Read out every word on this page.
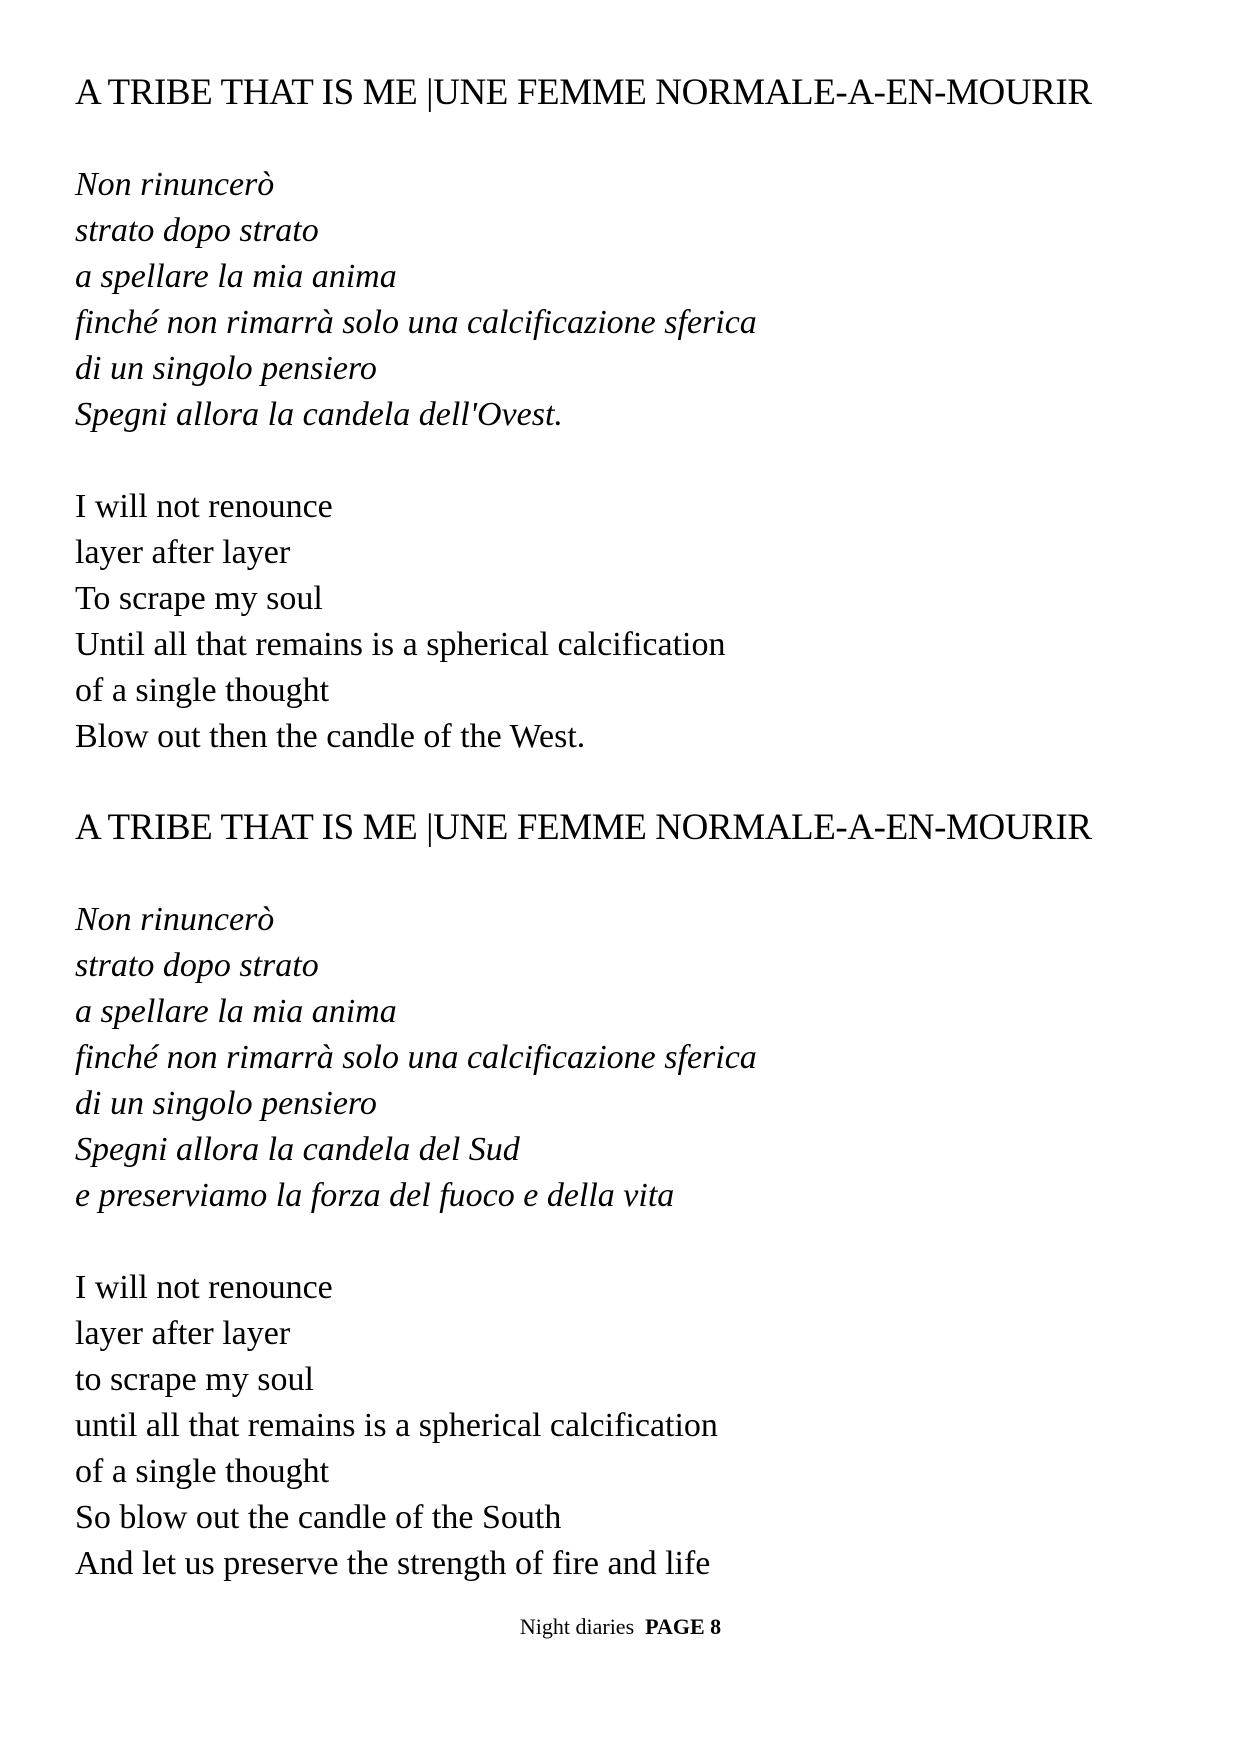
A TRIBE THAT IS ME |UNE FEMME NORMALE-A-EN-MOURIR
Non rinuncerò
strato dopo strato
a spellare la mia anima
finché non rimarrà solo una calcificazione sferica
di un singolo pensiero
Spegni allora la candela dell'Ovest.
I will not renounce
layer after layer
To scrape my soul
Until all that remains is a spherical calcification
of a single thought
Blow out then the candle of the West.
A TRIBE THAT IS ME |UNE FEMME NORMALE-A-EN-MOURIR
Non rinuncerò
strato dopo strato
a spellare la mia anima
finché non rimarrà solo una calcificazione sferica
di un singolo pensiero
Spegni allora la candela del Sud
e preserviamo la forza del fuoco e della vita
I will not renounce
layer after layer
to scrape my soul
until all that remains is a spherical calcification
of a single thought
So blow out the candle of the South
And let us preserve the strength of fire and life
Night diaries PAGE 8
